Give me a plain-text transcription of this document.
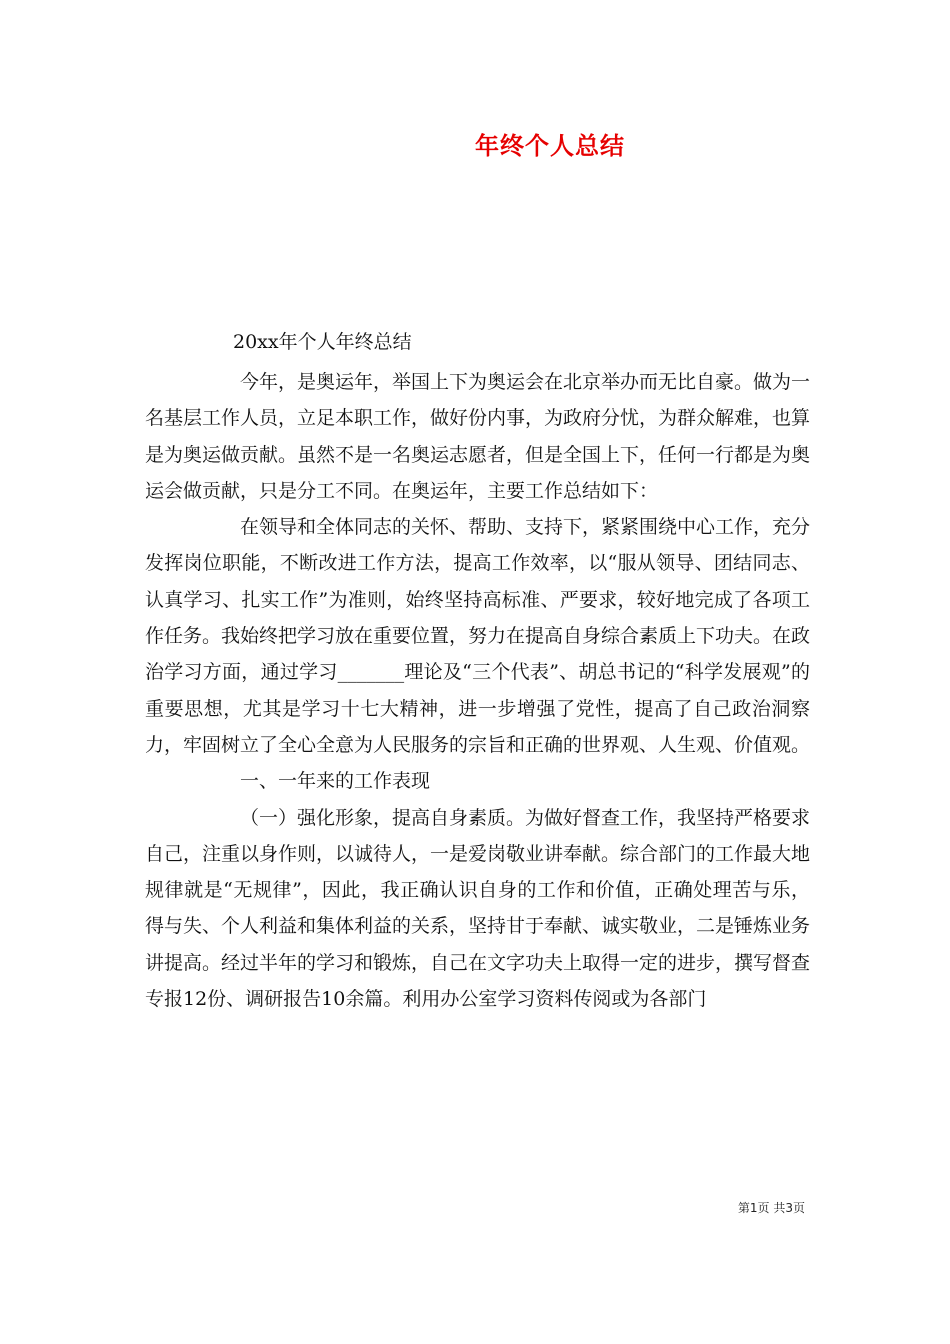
年终个人总结
20xx年个人年终总结

今年，是奥运年，举国上下为奥运会在北京举办而无比自豪。做为一名基层工作人员，立足本职工作，做好份内事，为政府分忧，为群众解难，也算是为奥运做贡献。虽然不是一名奥运志愿者，但是全国上下，任何一行都是为奥运会做贡献，只是分工不同。在奥运年，主要工作总结如下：

在领导和全体同志的关怀、帮助、支持下，紧紧围绕中心工作，充分发挥岗位职能，不断改进工作方法，提高工作效率，以“服从领导、团结同志、认真学习、扎实工作”为准则，始终坚持高标准、严要求，较好地完成了各项工作任务。我始终把学习放在重要位置，努力在提高自身综合素质上下功夫。在政治学习方面，通过学习_______理论及“三个代表”、胡总书记的“科学发展观”的重要思想，尤其是学习十七大精神，进一步增强了党性，提高了自己政治洞察力，牢固树立了全心全意为人民服务的宗旨和正确的世界观、人生观、价值观。

一、一年来的工作表现

（一）强化形象，提高自身素质。为做好督查工作，我坚持严格要求自己，注重以身作则，以诚待人，一是爱岗敬业讲奉献。综合部门的工作最大地规律就是“无规律”，因此，我正确认识自身的工作和价值，正确处理苦与乐，得与失、个人利益和集体利益的关系，坚持甘于奉献、诚实敬业，二是锤炼业务讲提高。经过半年的学习和锻炼，自己在文字功夫上取得一定的进步，撰写督查专报12份、调研报告10余篇。利用办公室学习资料传阅或为各部门

第1页 共3页
